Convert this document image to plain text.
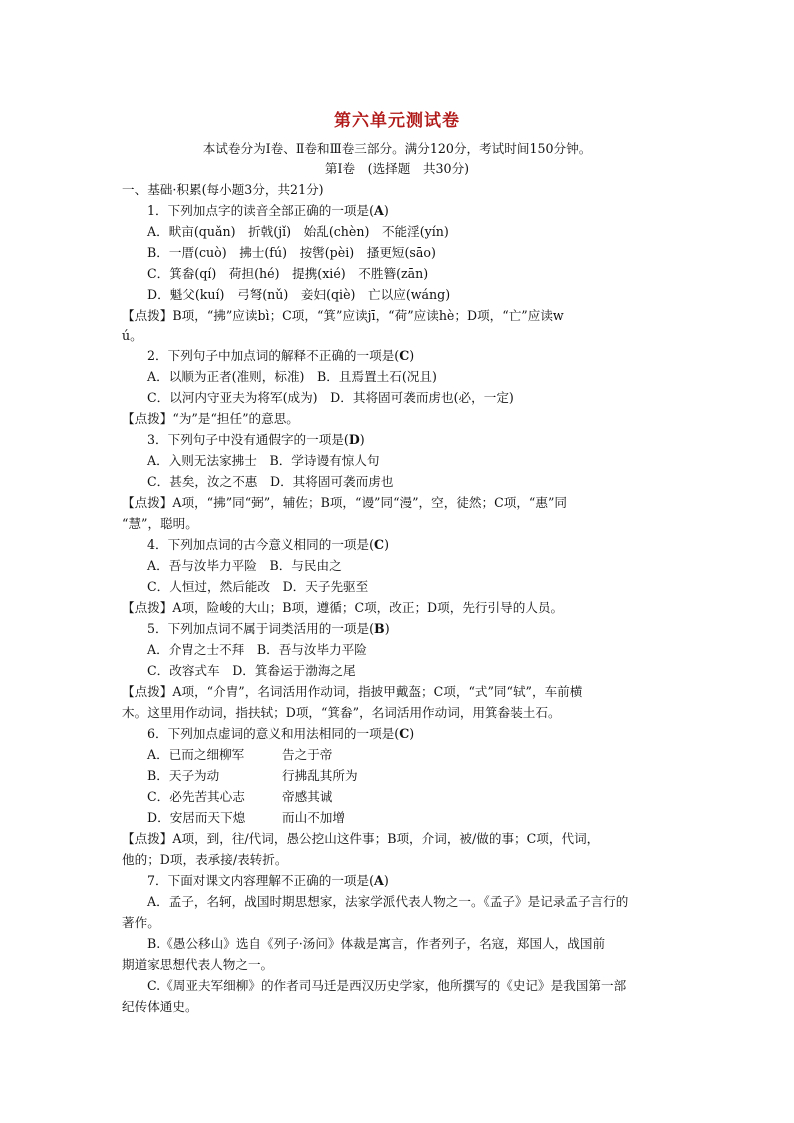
第六单元测试卷
本试卷分为Ⅰ卷、Ⅱ卷和Ⅲ卷三部分。满分120分，考试时间150分钟。
第Ⅰ卷　(选择题　共30分)
一、基础·积累(每小题3分，共21分)
1．下列加点字的读音全部正确的一项是(A)
A．畎亩(quǎn)　折戟(jǐ)　始乱(chèn)　不能淫(yín)
B．一厝(cuò)　拂士(fú)　按辔(pèi)　搔更短(sāo)
C．箕畚(qí)　荷担(hé)　提携(xié)　不胜簪(zān)
D．魁父(kuí)　弓弩(nǔ)　妾妇(qiè)　亡以应(wáng)
【点拨】B项，“拂”应读bì；C项，“箕”应读jī，“荷”应读hè；D项，“亡”应读w
ú。
2．下列句子中加点词的解释不正确的一项是(C)
A．以顺为正者(准则，标准)　B．且焉置土石(况且)
C．以河内守亚夫为将军(成为)　D．其将固可袭而虏也(必，一定)
【点拨】“为”是“担任”的意思。
3．下列句子中没有通假字的一项是(D)
A．入则无法家拂士　B．学诗谩有惊人句
C．甚矣，汝之不惠　D．其将固可袭而虏也
【点拨】A项，“拂”同“弼”，辅佐；B项，“谩”同“漫”，空，徒然；C项，“惠”同
“慧”，聪明。
4．下列加点词的古今意义相同的一项是(C)
A．吾与汝毕力平险　B．与民由之
C．人恒过，然后能改　D．天子先驱至
【点拨】A项，险峻的大山；B项，遵循；C项，改正；D项，先行引导的人员。
5．下列加点词不属于词类活用的一项是(B)
A．介胄之士不拜　B．吾与汝毕力平险
C．改容式车　D．箕畚运于渤海之尾
【点拨】A项，“介胄”，名词活用作动词，指披甲戴盔；C项，“式”同“轼”，车前横
木。这里用作动词，指扶轼；D项，“箕畚”，名词活用作动词，用箕畚装土石。
6．下列加点虚词的意义和用法相同的一项是(C)
A．已而之细柳军	告之于帝
B．天子为动	行拂乱其所为
C．必先苦其心志	帝感其诚
D．安居而天下熄	而山不加增
【点拨】A项，到，往/代词，愚公挖山这件事；B项，介词，被/做的事；C项，代词，
他的；D项，表承接/表转折。
7．下面对课文内容理解不正确的一项是(A)
A．孟子，名轲，战国时期思想家，法家学派代表人物之一。《孟子》是记录孟子言行的
著作。
B.《愚公移山》选自《列子·汤问》体裁是寓言，作者列子，名寇，郑国人，战国前
期道家思想代表人物之一。
C.《周亚夫军细柳》的作者司马迁是西汉历史学家，他所撰写的《史记》是我国第一部
纪传体通史。
